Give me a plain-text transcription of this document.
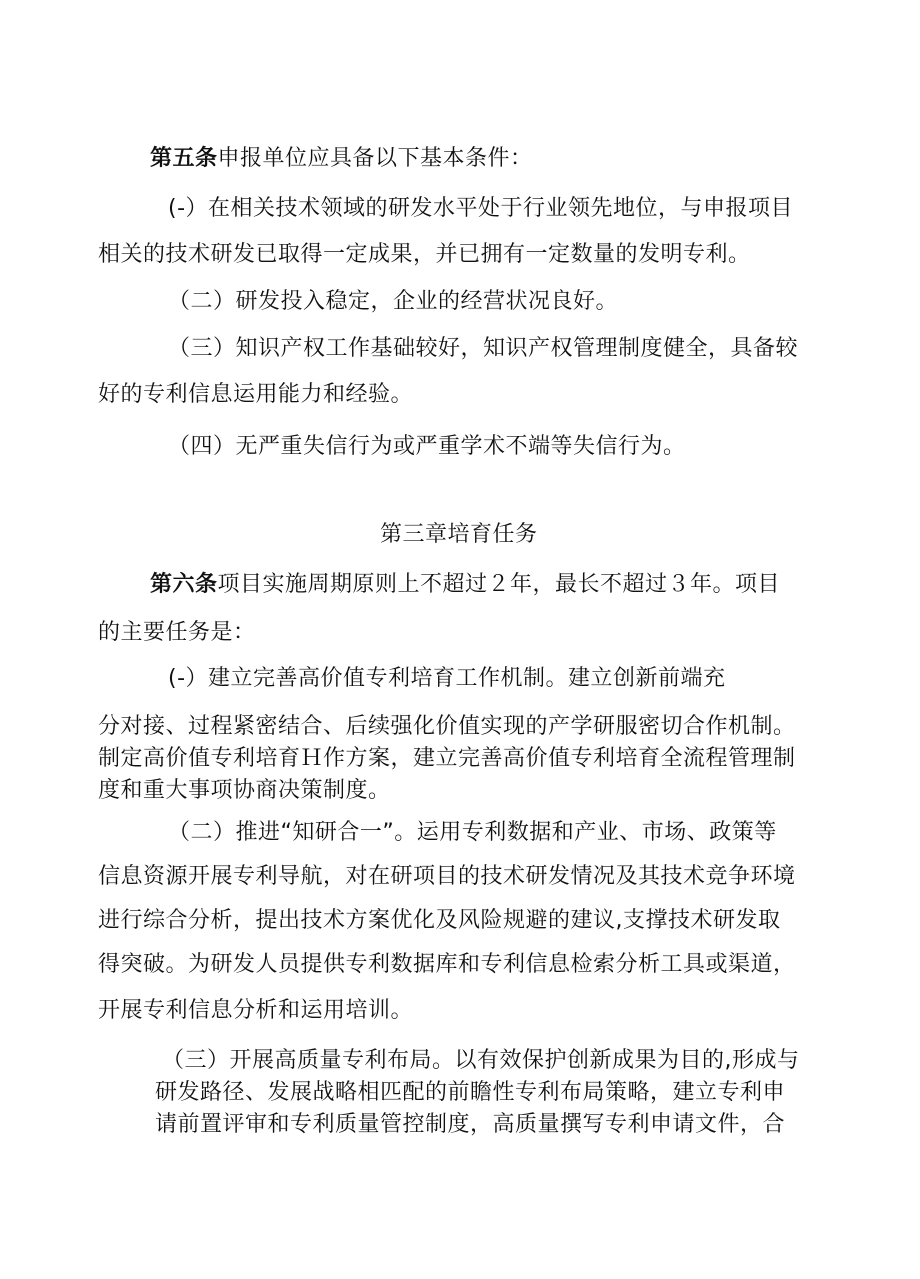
第五条申报单位应具备以下基本条件：
(-）在相关技术领域的研发水平处于行业领先地位，与申报项目
相关的技术研发已取得一定成果，并已拥有一定数量的发明专利。
（二）研发投入稳定，企业的经营状况良好。
（三）知识产权工作基础较好，知识产权管理制度健全，具备较
好的专利信息运用能力和经验。
（四）无严重失信行为或严重学术不端等失信行为。
第三章培育任务
第六条项目实施周期原则上不超过２年，最长不超过３年。项目
的主要任务是：
(-）建立完善高价值专利培育工作机制。建立创新前端充
分对接、过程紧密结合、后续强化价值实现的产学研服密切合作机制。
制定高价值专利培育Ｈ作方案，建立完善高价值专利培育全流程管理制
度和重大事项协商决策制度。
（二）推进“知研合一”。运用专利数据和产业、市场、政策等
信息资源开展专利导航，对在研项目的技术研发情况及其技术竞争环境
进行综合分析，提出技术方案优化及风险规避的建议,支撑技术研发取
得突破。为研发人员提供专利数据库和专利信息检索分析工具或渠道，
开展专利信息分析和运用培训。
（三）开展高质量专利布局。以有效保护创新成果为目的,形成与
研发路径、发展战略相匹配的前瞻性专利布局策略，建立专利申
请前置评审和专利质量管控制度，高质量撰写专利申请文件，合
